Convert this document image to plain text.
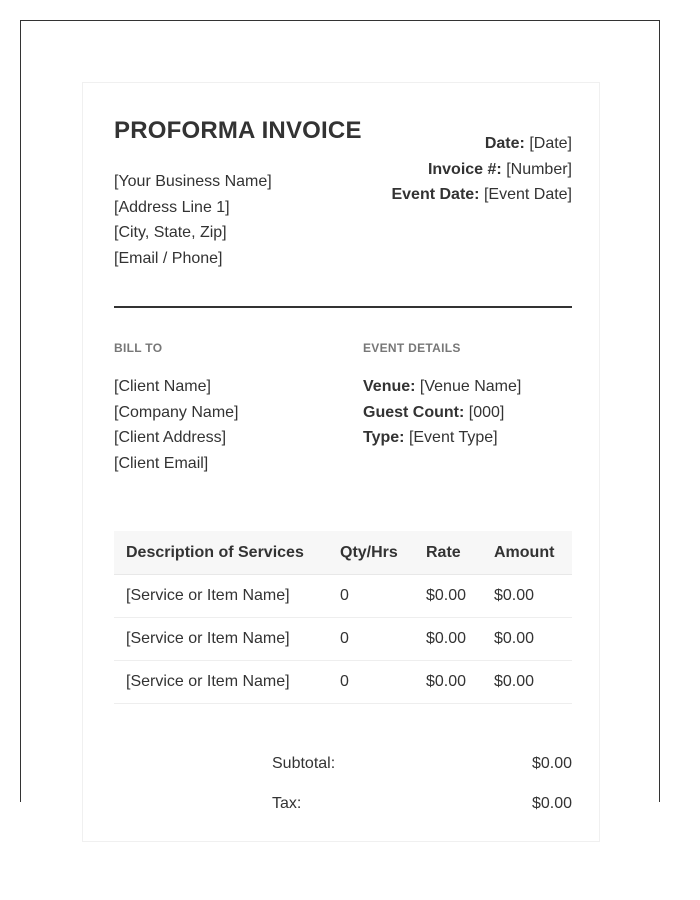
PROFORMA INVOICE
[Your Business Name]
[Address Line 1]
[City, State, Zip]
[Email / Phone]
Date: [Date]
Invoice #: [Number]
Event Date: [Event Date]
BILL TO	EVENT DETAILS
[Client Name]
[Company Name]
[Client Address]
[Client Email]
Venue: [Venue Name]
Guest Count: [000]
Type: [Event Type]
Description of Services	Qty/Hrs	Rate	Amount
[Service or Item Name]	0	$0.00	$0.00
[Service or Item Name]	0	$0.00	$0.00
[Service or Item Name]	0	$0.00	$0.00
Subtotal:	$0.00
Tax:	$0.00
